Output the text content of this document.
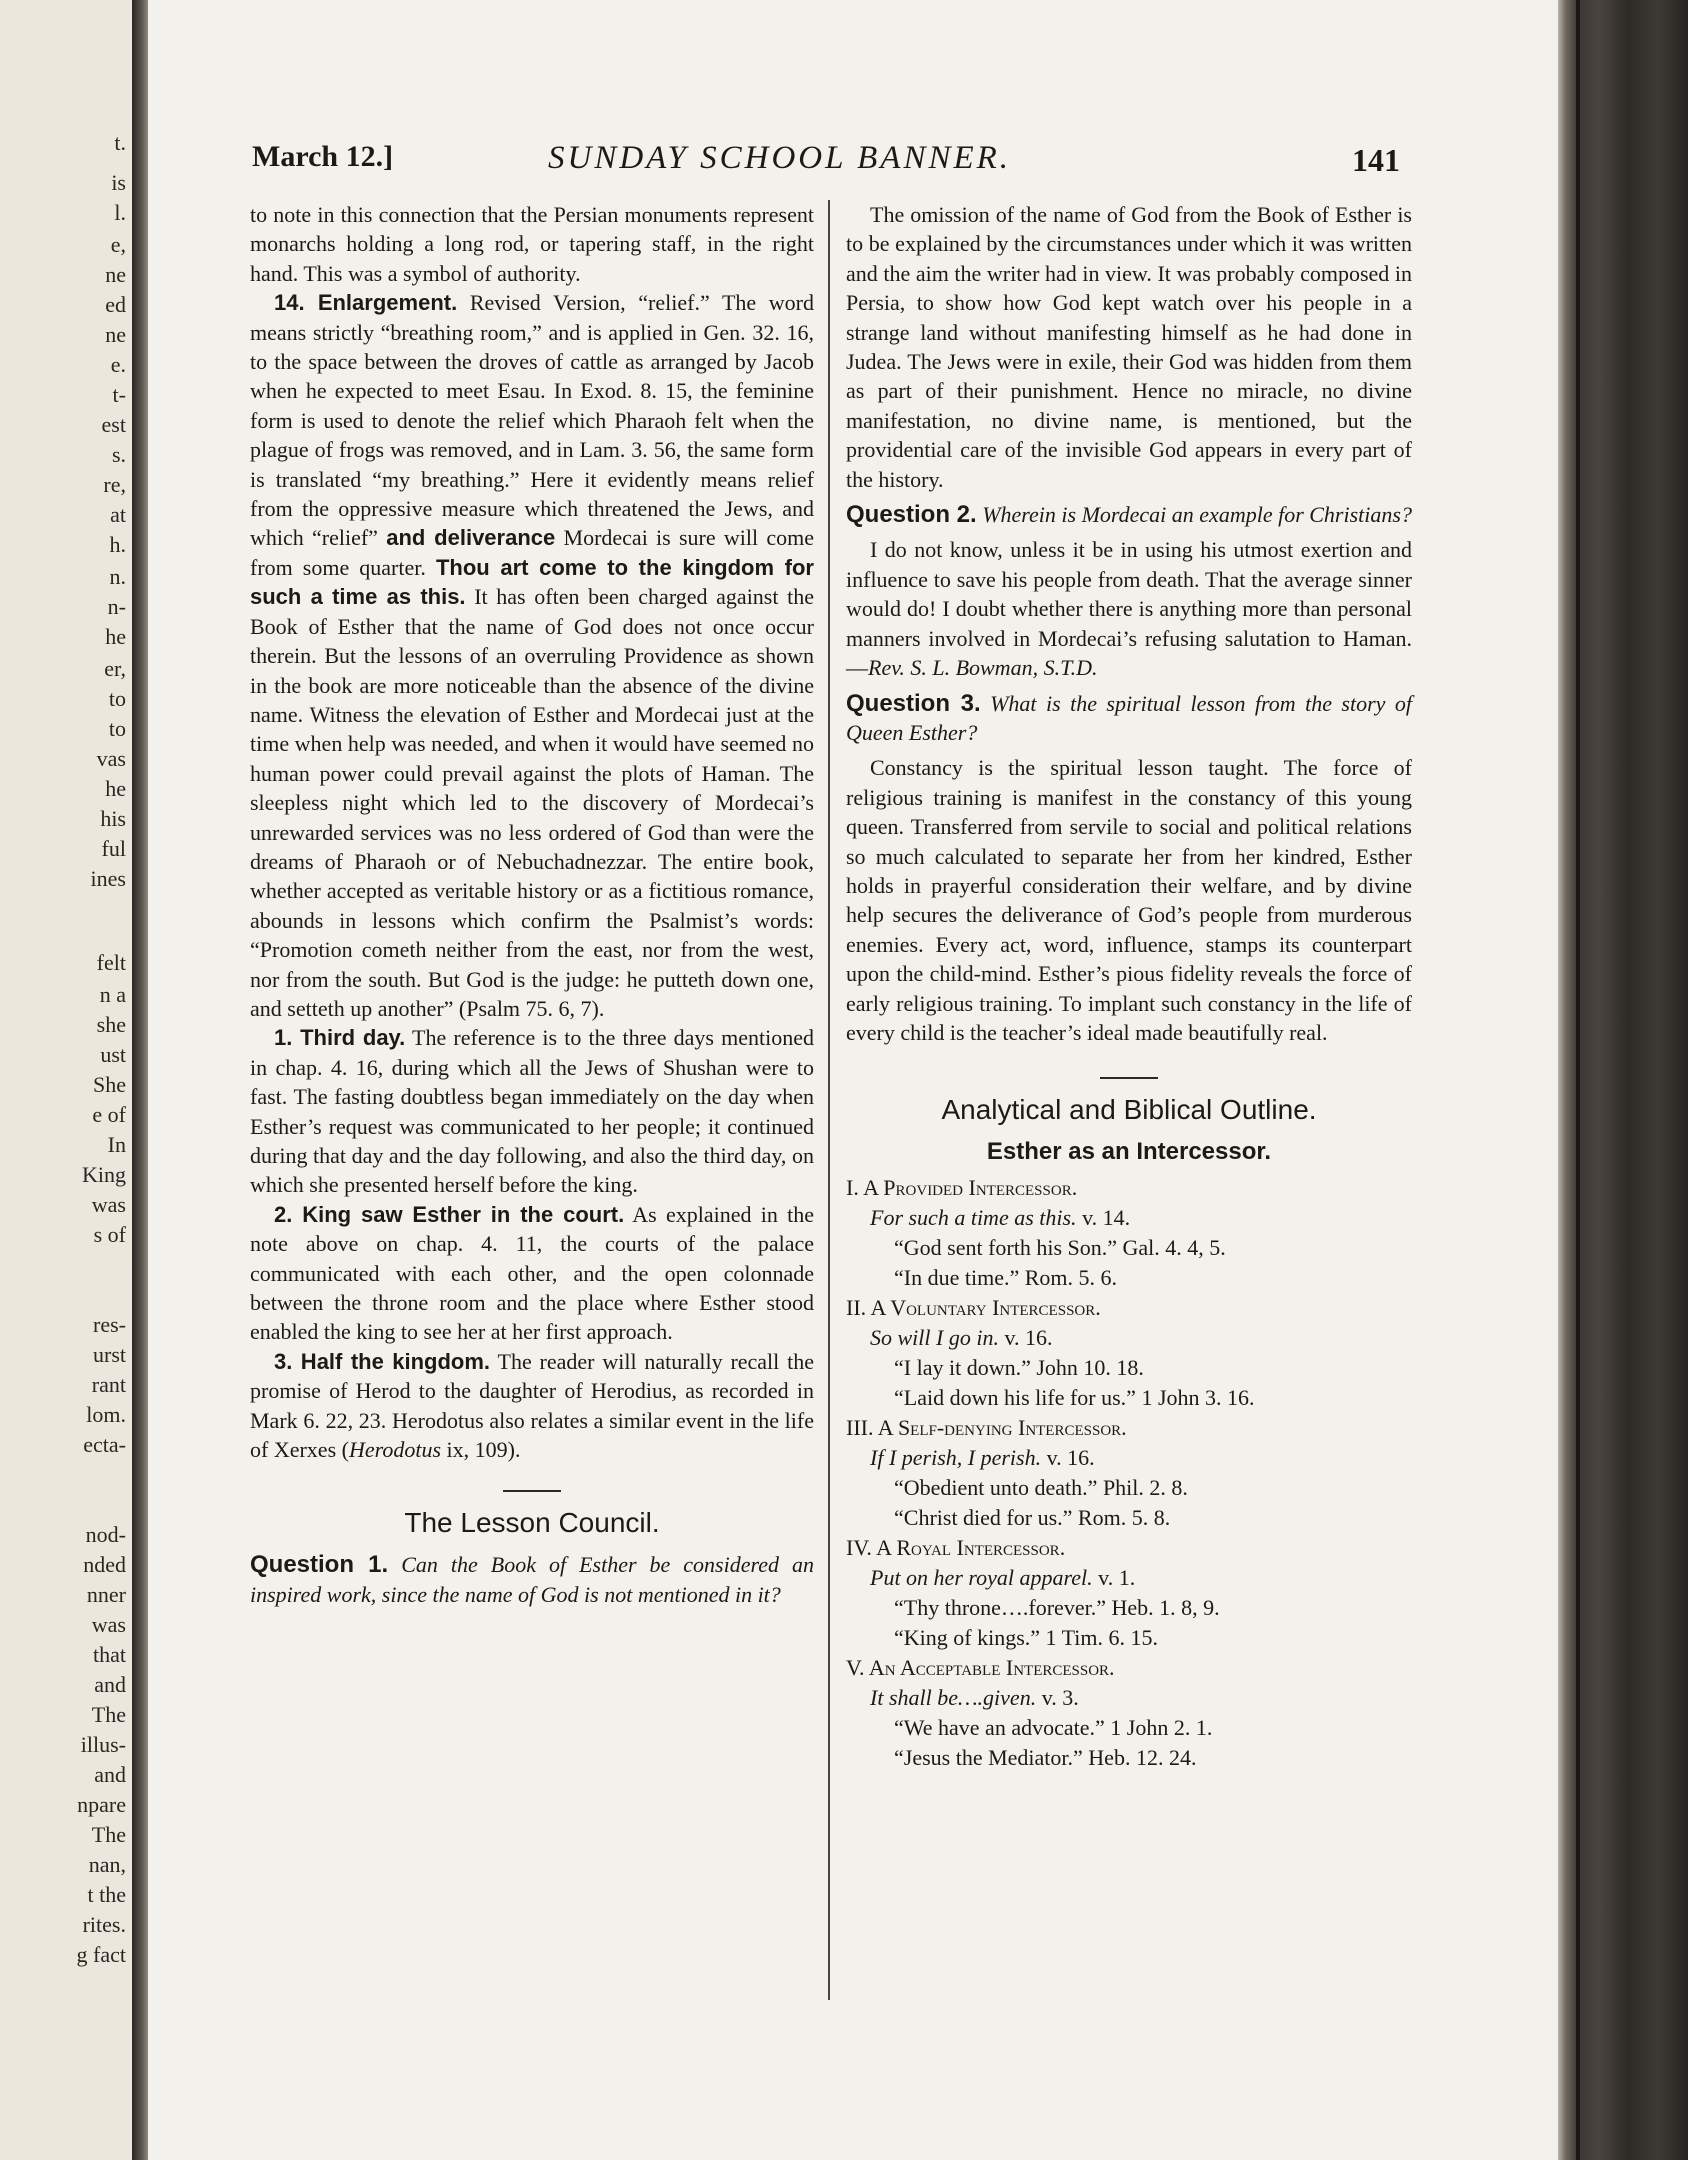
t.
is
l.
e,
ne
ed
ne
e.
t-
est
s.
re,
at
h.
n.
n-
he
er,
to
to
vas
he
his
ful
ines
felt
n a
she
ust
She
e of
In
King
was
s of
res-
urst
rant
lom.
ecta-
nod-
nded
nner
was
that
and
The
illus-
and
npare
The
nan,
t the
rites.
g fact
March 12.]	SUNDAY SCHOOL BANNER.	141

to note in this connection that the Persian monuments represent monarchs holding a long rod, or tapering staff, in the right hand. This was a symbol of authority.

14. Enlargement. Revised Version, “relief.” The word means strictly “breathing room,” and is applied in Gen. 32. 16, to the space between the droves of cattle as arranged by Jacob when he expected to meet Esau. In Exod. 8. 15, the feminine form is used to denote the relief which Pharaoh felt when the plague of frogs was removed, and in Lam. 3. 56, the same form is translated “my breathing.” Here it evidently means relief from the oppressive measure which threatened the Jews, and which “relief” and deliverance Mordecai is sure will come from some quarter. Thou art come to the kingdom for such a time as this. It has often been charged against the Book of Esther that the name of God does not once occur therein. But the lessons of an overruling Providence as shown in the book are more noticeable than the absence of the divine name. Witness the elevation of Esther and Mordecai just at the time when help was needed, and when it would have seemed no human power could prevail against the plots of Haman. The sleepless night which led to the discovery of Mordecai’s unrewarded services was no less ordered of God than were the dreams of Pharaoh or of Nebuchadnezzar. The entire book, whether accepted as veritable history or as a fictitious romance, abounds in lessons which confirm the Psalmist’s words: “Promotion cometh neither from the east, nor from the west, nor from the south. But God is the judge: he putteth down one, and setteth up another” (Psalm 75. 6, 7).

1. Third day. The reference is to the three days mentioned in chap. 4. 16, during which all the Jews of Shushan were to fast. The fasting doubtless began immediately on the day when Esther’s request was communicated to her people; it continued during that day and the day following, and also the third day, on which she presented herself before the king.

2. King saw Esther in the court. As explained in the note above on chap. 4. 11, the courts of the palace communicated with each other, and the open colonnade between the throne room and the place where Esther stood enabled the king to see her at her first approach.

3. Half the kingdom. The reader will naturally recall the promise of Herod to the daughter of Herodius, as recorded in Mark 6. 22, 23. Herodotus also relates a similar event in the life of Xerxes (Herodotus ix, 109).

The Lesson Council.

Question 1. Can the Book of Esther be considered an inspired work, since the name of God is not mentioned in it?

The omission of the name of God from the Book of Esther is to be explained by the circumstances under which it was written and the aim the writer had in view. It was probably composed in Persia, to show how God kept watch over his people in a strange land without manifesting himself as he had done in Judea. The Jews were in exile, their God was hidden from them as part of their punishment. Hence no miracle, no divine manifestation, no divine name, is mentioned, but the providential care of the invisible God appears in every part of the history.

Question 2. Wherein is Mordecai an example for Christians?

I do not know, unless it be in using his utmost exertion and influence to save his people from death. That the average sinner would do! I doubt whether there is anything more than personal manners involved in Mordecai’s refusing salutation to Haman.—Rev. S. L. Bowman, S.T.D.

Question 3. What is the spiritual lesson from the story of Queen Esther?

Constancy is the spiritual lesson taught. The force of religious training is manifest in the constancy of this young queen. Transferred from servile to social and political relations so much calculated to separate her from her kindred, Esther holds in prayerful consideration their welfare, and by divine help secures the deliverance of God’s people from murderous enemies. Every act, word, influence, stamps its counterpart upon the child-mind. Esther’s pious fidelity reveals the force of early religious training. To implant such constancy in the life of every child is the teacher’s ideal made beautifully real.

Analytical and Biblical Outline.
Esther as an Intercessor.
I. A Provided Intercessor.
For such a time as this. v. 14.
“God sent forth his Son.” Gal. 4. 4, 5.
“In due time.” Rom. 5. 6.
II. A Voluntary Intercessor.
So will I go in. v. 16.
“I lay it down.” John 10. 18.
“Laid down his life for us.” 1 John 3. 16.
III. A Self-denying Intercessor.
If I perish, I perish. v. 16.
“Obedient unto death.” Phil. 2. 8.
“Christ died for us.” Rom. 5. 8.
IV. A Royal Intercessor.
Put on her royal apparel. v. 1.
“Thy throne….forever.” Heb. 1. 8, 9.
“King of kings.” 1 Tim. 6. 15.
V. An Acceptable Intercessor.
It shall be….given. v. 3.
“We have an advocate.” 1 John 2. 1.
“Jesus the Mediator.” Heb. 12. 24.
